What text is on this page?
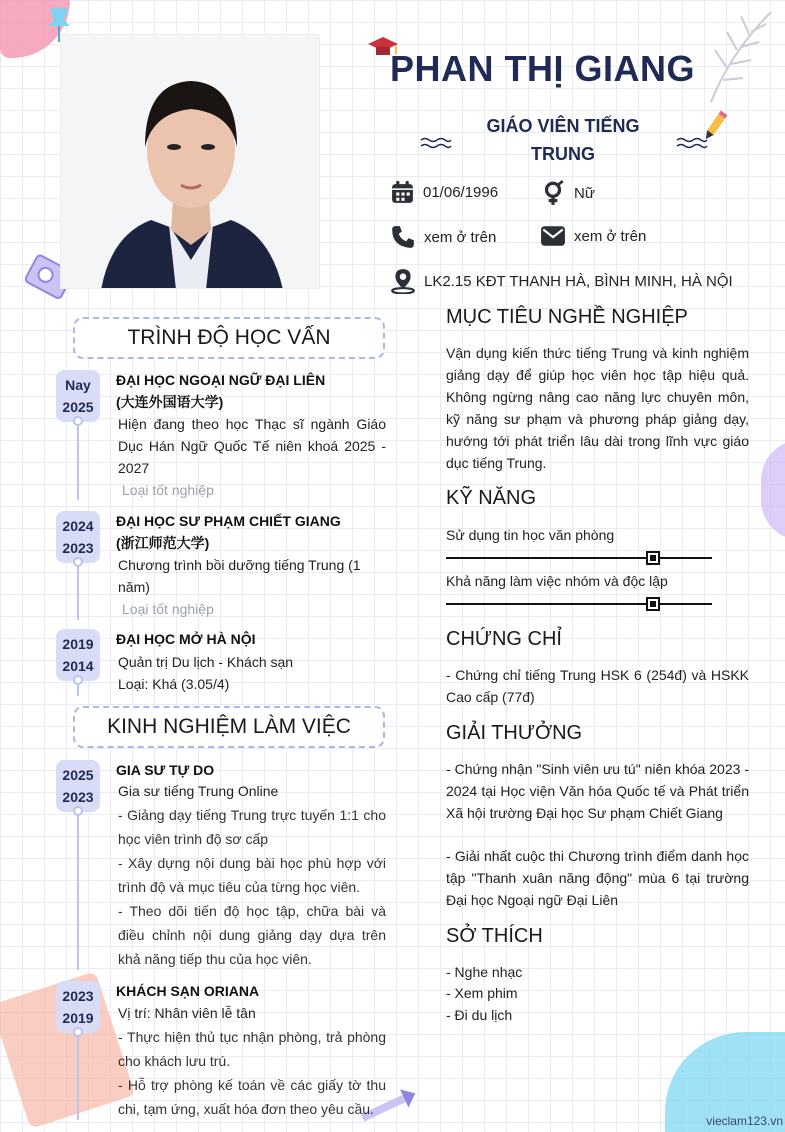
PHAN THỊ GIANG
GIÁO VIÊN TIẾNG TRUNG
01/06/1996	Nữ
xem ở trên	xem ở trên
LK2.15 KĐT THANH HÀ, BÌNH MINH, HÀ NỘI
TRÌNH ĐỘ HỌC VẤN
Nay
2025
ĐẠI HỌC NGOẠI NGỮ ĐẠI LIÊN
(大连外国语大学)
Hiện đang theo học Thạc sĩ ngành Giáo Dục Hán Ngữ Quốc Tế niên khoá 2025 - 2027
Loại tốt nghiệp
2024
2023
ĐẠI HỌC SƯ PHẠM CHIẾT GIANG
(浙江师范大学)
Chương trình bồi dưỡng tiếng Trung (1 năm)
Loại tốt nghiệp
2019
2014
ĐẠI HỌC MỞ HÀ NỘI
Quản trị Du lịch - Khách sạn
Loại: Khá (3.05/4)
KINH NGHIỆM LÀM VIỆC
2025
2023
GIA SƯ TỰ DO
Gia sư tiếng Trung Online
- Giảng dạy tiếng Trung trực tuyến 1:1 cho học viên trình độ sơ cấp
- Xây dựng nội dung bài học phù hợp với trình độ và mục tiêu của từng học viên.
- Theo dõi tiến độ học tập, chữa bài và điều chỉnh nội dung giảng dạy dựa trên khả năng tiếp thu của học viên.
2023
2019
KHÁCH SẠN ORIANA
Vị trí: Nhân viên lễ tân
- Thực hiện thủ tục nhận phòng, trả phòng cho khách lưu trú.
- Hỗ trợ phòng kế toán về các giấy tờ thu chi, tạm ứng, xuất hóa đơn theo yêu cầu.
MỤC TIÊU NGHỀ NGHIỆP
Vận dụng kiến thức tiếng Trung và kinh nghiệm giảng dạy để giúp học viên học tập hiệu quả. Không ngừng nâng cao năng lực chuyên môn, kỹ năng sư phạm và phương pháp giảng dạy, hướng tới phát triển lâu dài trong lĩnh vực giáo dục tiếng Trung.
KỸ NĂNG
Sử dụng tin học văn phòng
Khả năng làm việc nhóm và độc lập
CHỨNG CHỈ
- Chứng chỉ tiếng Trung HSK 6 (254đ) và HSKK Cao cấp (77đ)
GIẢI THƯỞNG
- Chứng nhận "Sinh viên ưu tú" niên khóa 2023 - 2024 tại Học viện Văn hóa Quốc tế và Phát triển Xã hội trường Đại học Sư phạm Chiết Giang
- Giải nhất cuộc thi Chương trình điểm danh học tập "Thanh xuân năng động" mùa 6 tại trường Đại học Ngoại ngữ Đại Liên
SỞ THÍCH
- Nghe nhạc
- Xem phim
- Đi du lịch
vieclam123.vn
